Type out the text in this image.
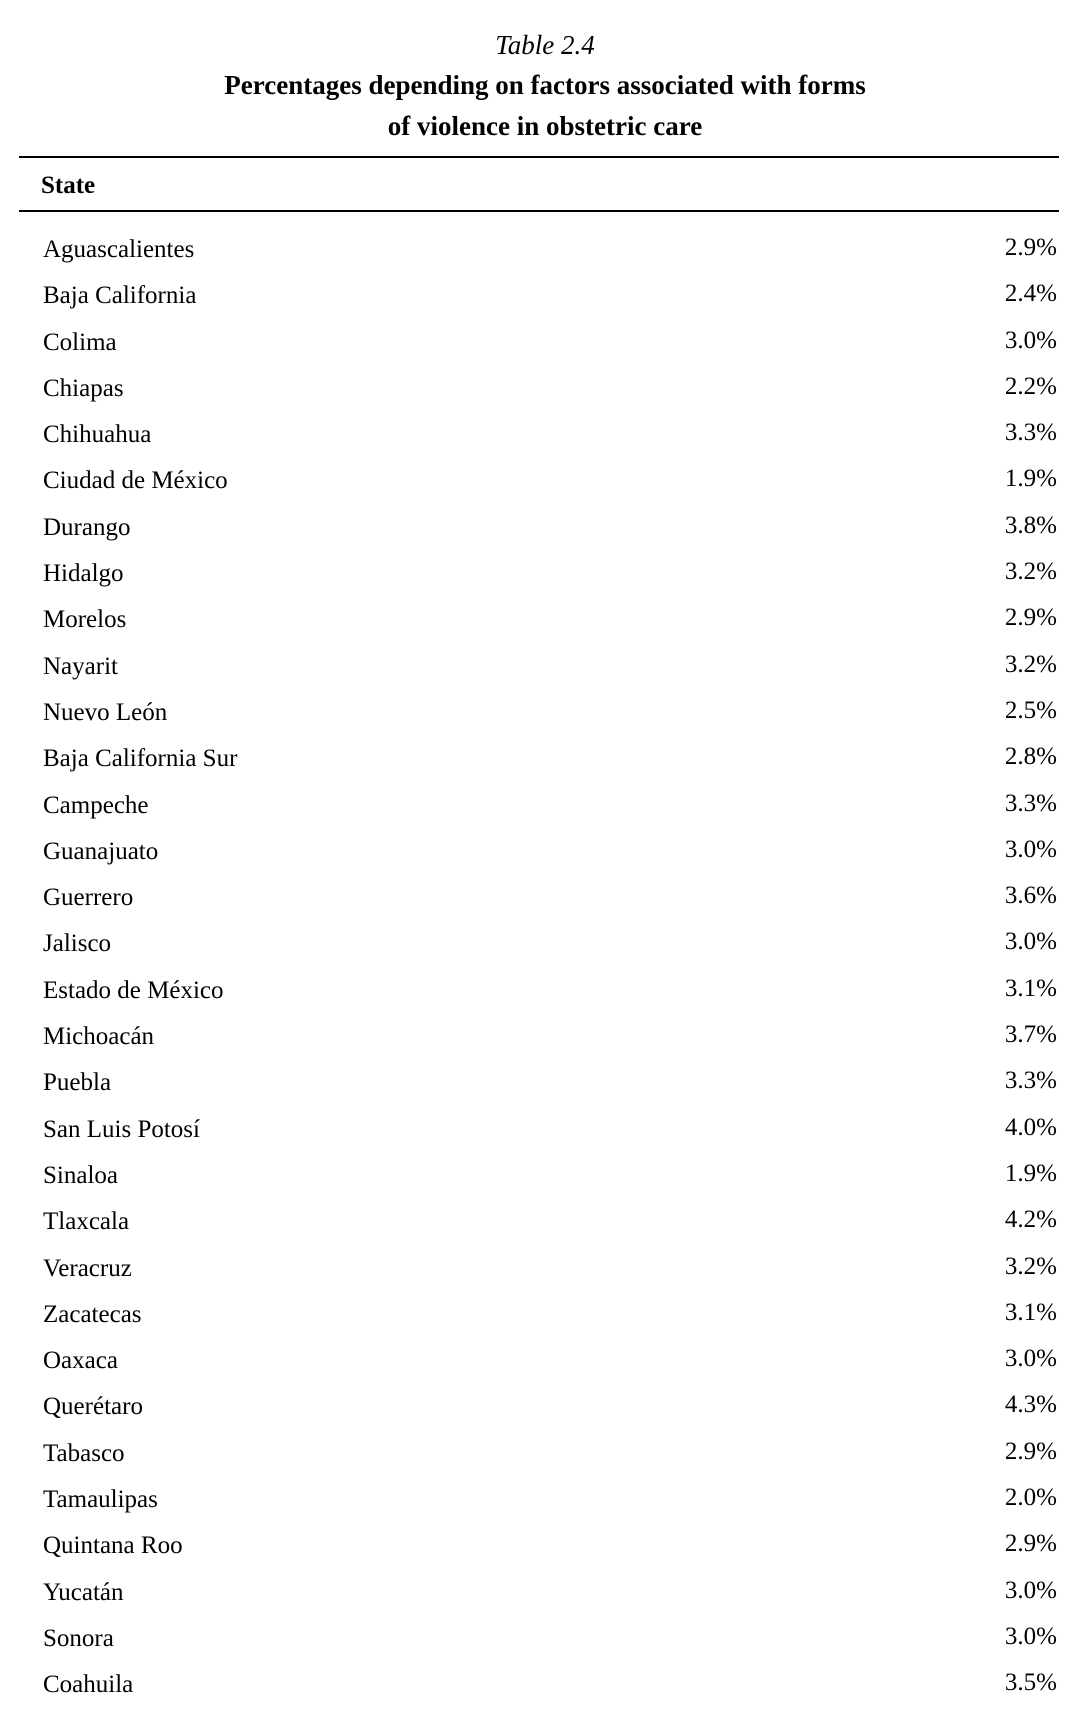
Table 2.4
Percentages depending on factors associated with forms
of violence in obstetric care
State
Aguascalientes	2.9%
Baja California	2.4%
Colima	3.0%
Chiapas	2.2%
Chihuahua	3.3%
Ciudad de México	1.9%
Durango	3.8%
Hidalgo	3.2%
Morelos	2.9%
Nayarit	3.2%
Nuevo León	2.5%
Baja California Sur	2.8%
Campeche	3.3%
Guanajuato	3.0%
Guerrero	3.6%
Jalisco	3.0%
Estado de México	3.1%
Michoacán	3.7%
Puebla	3.3%
San Luis Potosí	4.0%
Sinaloa	1.9%
Tlaxcala	4.2%
Veracruz	3.2%
Zacatecas	3.1%
Oaxaca	3.0%
Querétaro	4.3%
Tabasco	2.9%
Tamaulipas	2.0%
Quintana Roo	2.9%
Yucatán	3.0%
Sonora	3.0%
Coahuila	3.5%
